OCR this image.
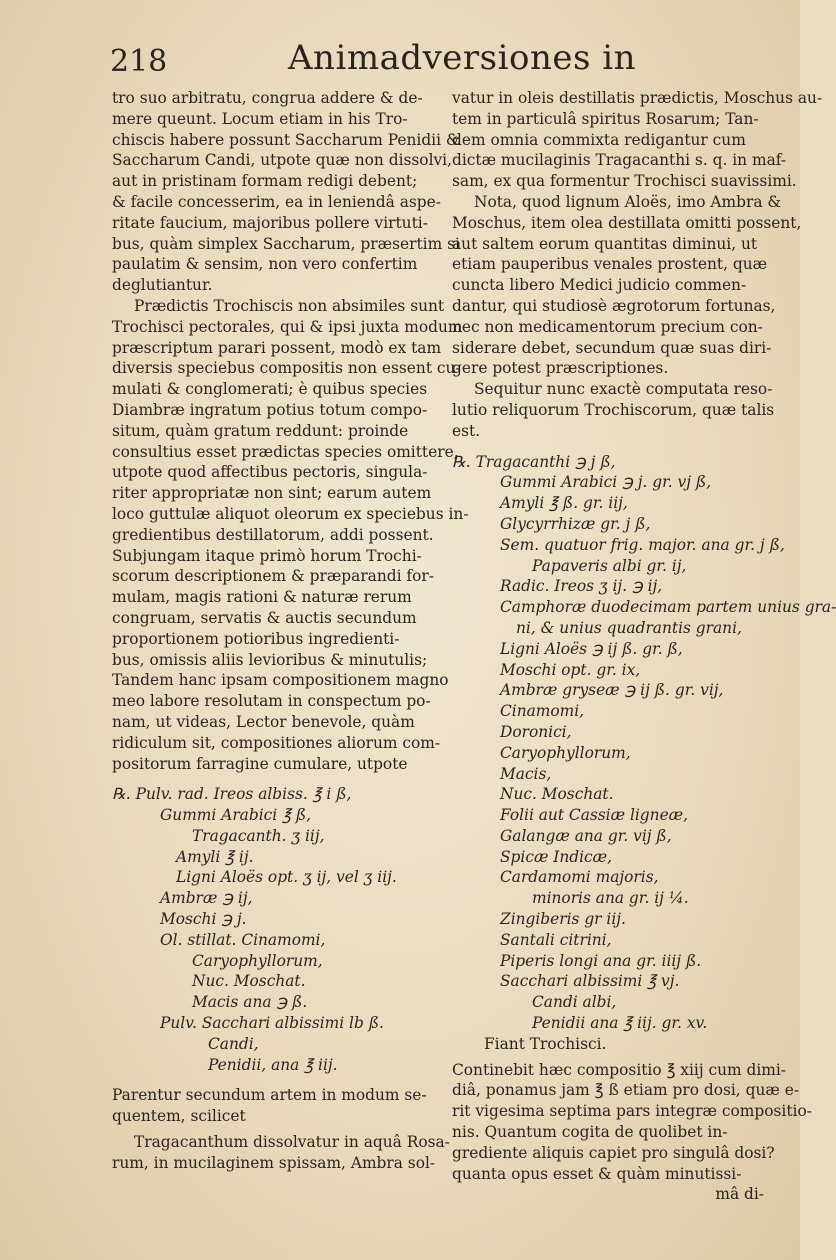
218	Animadversiones in
tro suo arbitratu, congrua addere & de-
mere queunt. Locum etiam in his Tro-
chiscis habere possunt Saccharum Penidii &
Saccharum Candi, utpote quæ non dissolvi,
aut in pristinam formam redigi debent;
& facile concesserim, ea in leniendâ aspe-
ritate faucium, majoribus pollere virtuti-
bus, quàm simplex Saccharum, præsertim si
paulatim & sensim, non vero confertim
deglutiantur.
Prædictis Trochiscis non absimiles sunt
Trochisci pectorales, qui & ipsi juxta modum
præscriptum parari possent, modò ex tam
diversis speciebus compositis non essent cu-
mulati & conglomerati; è quibus species
Diambræ ingratum potius totum compo-
situm, quàm gratum reddunt: proinde
consultius esset prædictas species omittere,
utpote quod affectibus pectoris, singula-
riter appropriatæ non sint; earum autem
loco guttulæ aliquot oleorum ex speciebus in-
gredientibus destillatorum, addi possent.
Subjungam itaque primò horum Trochi-
scorum descriptionem & præparandi for-
mulam, magis rationi & naturæ rerum
congruam, servatis & auctis secundum
proportionem potioribus ingredienti-
bus, omissis aliis levioribus & minutulis;
Tandem hanc ipsam compositionem magno
meo labore resolutam in conspectum po-
nam, ut videas, Lector benevole, quàm
ridiculum sit, compositiones aliorum com-
positorum farragine cumulare, utpote
℞. Pulv. rad. Ireos albiss. ℥ i ß,
Gummi Arabici ℥ ß,
Tragacanth. ʒ iij,
Amyli ℥ ij.
Ligni Aloës opt. ʒ ij, vel ʒ iij.
Ambræ ℈ ij,
Moschi ℈ j.
Ol. stillat. Cinamomi,
Caryophyllorum,
Nuc. Moschat.
Macis ana ℈ ß.
Pulv. Sacchari albissimi lb ß.
Candi,
Penidii, ana ℥ iij.
Parentur secundum artem in modum se-
quentem, scilicet
Tragacanthum dissolvatur in aquâ Rosa-
rum, in mucilaginem spissam, Ambra sol-
vatur in oleis destillatis prædictis, Moschus au-
tem in particulâ spiritus Rosarum; Tan-
dem omnia commixta redigantur cum
dictæ mucilaginis Tragacanthi s. q. in maf-
sam, ex qua formentur Trochisci suavissimi.
Nota, quod lignum Aloës, imo Ambra &
Moschus, item olea destillata omitti possent,
aut saltem eorum quantitas diminui, ut
etiam pauperibus venales prostent, quæ
cuncta libero Medici judicio commen-
dantur, qui studiosè ægrotorum fortunas,
nec non medicamentorum precium con-
siderare debet, secundum quæ suas diri-
gere potest præscriptiones.
Sequitur nunc exactè computata reso-
lutio reliquorum Trochiscorum, quæ talis
est.
℞. Tragacanthi ℈ j ß,
Gummi Arabici ℈ j. gr. vj ß,
Amyli ℥ ß. gr. iij,
Glycyrrhizæ gr. j ß,
Sem. quatuor frig. major. ana gr. j ß,
Papaveris albi gr. ij,
Radic. Ireos ʒ ij. ℈ ij,
Camphoræ duodecimam partem unius gra-
ni, & unius quadrantis grani,
Ligni Aloës ℈ ij ß. gr. ß,
Moschi opt. gr. ix,
Ambræ gryseæ ℈ ij ß. gr. vij,
Cinamomi,
Doronici,
Caryophyllorum,
Macis,
Nuc. Moschat.
Folii aut Cassiæ ligneæ,
Galangæ ana gr. vij ß,
Spicæ Indicæ,
Cardamomi majoris,
minoris ana gr. ij ¼.
Zingiberis gr iij.
Santali citrini,
Piperis longi ana gr. iiij ß.
Sacchari albissimi ℥ vj.
Candi albi,
Penidii ana ℥ iij. gr. xv.
Fiant Trochisci.
Continebit hæc compositio ℥ xiij cum dimi-
diâ, ponamus jam ℥ ß etiam pro dosi, quæ e-
rit vigesima septima pars integræ compositio-
nis. Quantum cogita de quolibet in-
grediente aliquis capiet pro singulâ dosi?
quanta opus esset & quàm minutissi-
mâ di-
